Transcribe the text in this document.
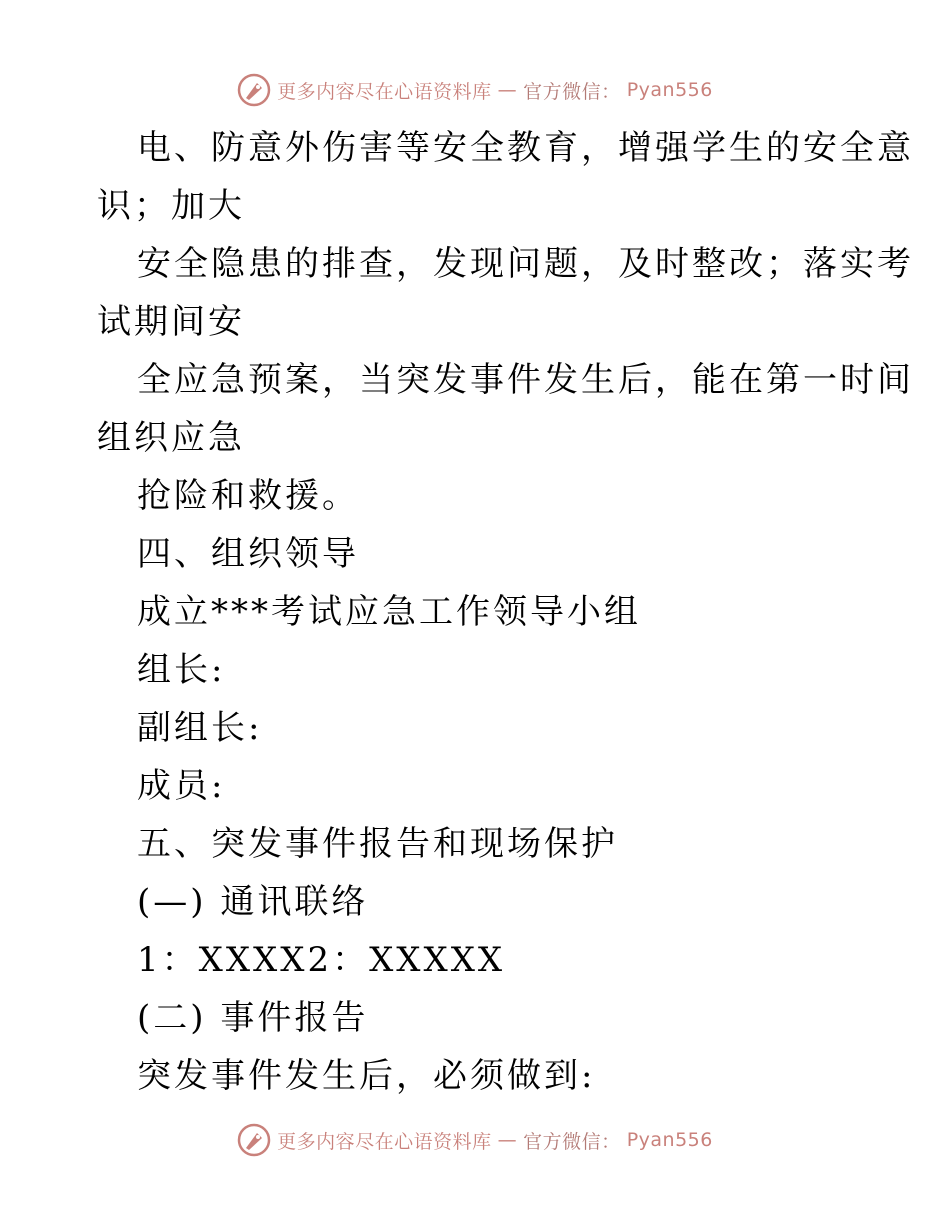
更多内容尽在心语资料库 — 官方微信： Pyan556
电、防意外伤害等安全教育，增强学生的安全意
识；加大
安全隐患的排查，发现问题，及时整改；落实考
试期间安
全应急预案，当突发事件发生后，能在第一时间
组织应急
抢险和救援。
四、组织领导
成立***考试应急工作领导小组
组长:
副组长:
成员:
五、突发事件报告和现场保护
(—) 通讯联络
1：XXXX2：XXXXX
(二) 事件报告
突发事件发生后，必须做到:
更多内容尽在心语资料库 — 官方微信： Pyan556
